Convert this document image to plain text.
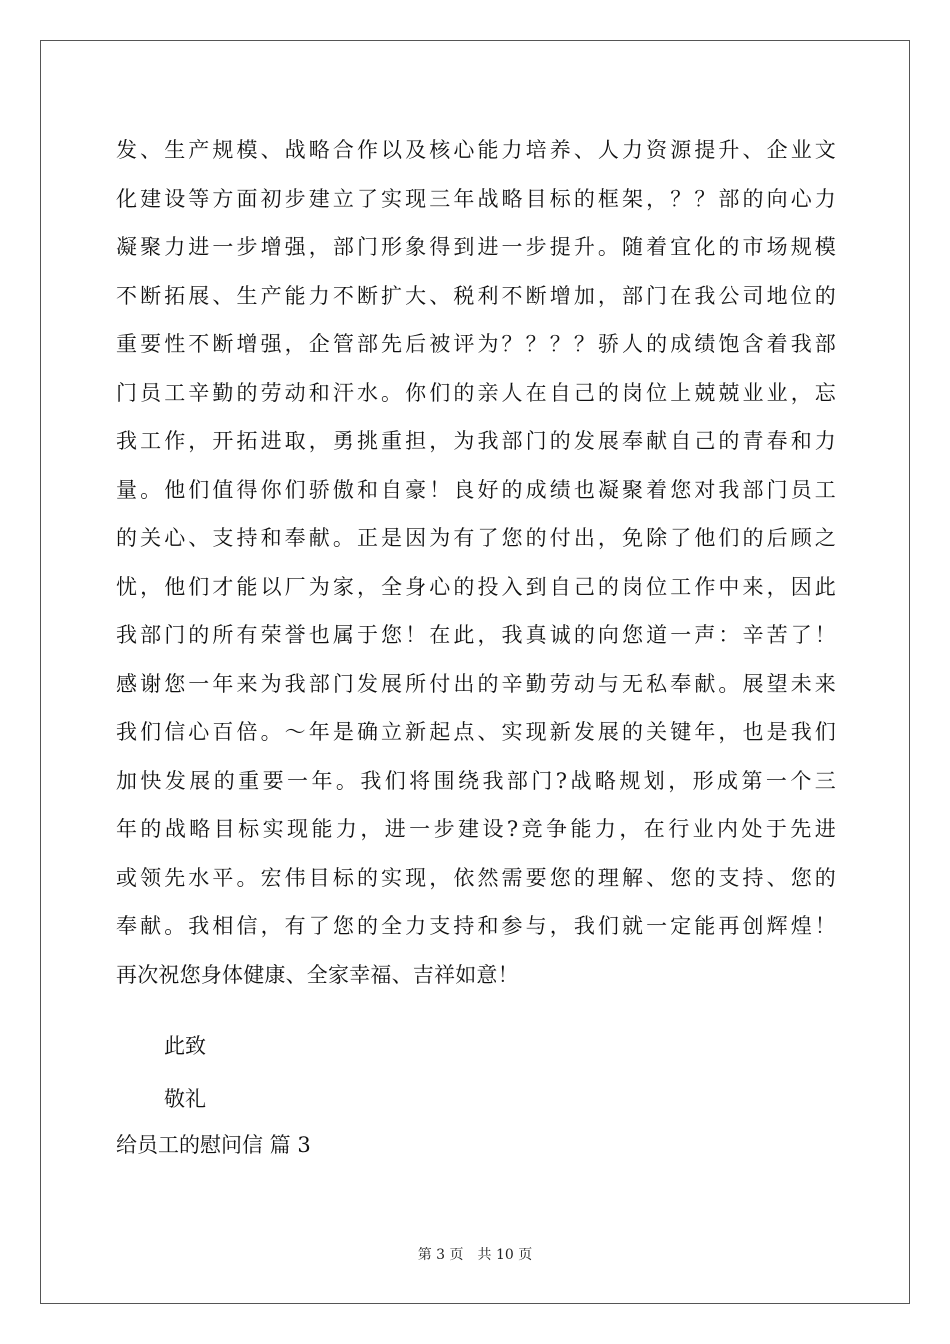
发、生产规模、战略合作以及核心能力培养、人力资源提升、企业文
化建设等方面初步建立了实现三年战略目标的框架，？？部的向心力
凝聚力进一步增强，部门形象得到进一步提升。随着宜化的市场规模
不断拓展、生产能力不断扩大、税利不断增加，部门在我公司地位的
重要性不断增强，企管部先后被评为？？？？骄人的成绩饱含着我部
门员工辛勤的劳动和汗水。你们的亲人在自己的岗位上兢兢业业，忘
我工作，开拓进取，勇挑重担，为我部门的发展奉献自己的青春和力
量。他们值得你们骄傲和自豪！良好的成绩也凝聚着您对我部门员工
的关心、支持和奉献。正是因为有了您的付出，免除了他们的后顾之
忧，他们才能以厂为家，全身心的投入到自己的岗位工作中来，因此
我部门的所有荣誉也属于您！在此，我真诚的向您道一声：辛苦了！
感谢您一年来为我部门发展所付出的辛勤劳动与无私奉献。展望未来
我们信心百倍。～年是确立新起点、实现新发展的关键年，也是我们
加快发展的重要一年。我们将围绕我部门?战略规划，形成第一个三
年的战略目标实现能力，进一步建设?竞争能力，在行业内处于先进
或领先水平。宏伟目标的实现，依然需要您的理解、您的支持、您的
奉献。我相信，有了您的全力支持和参与，我们就一定能再创辉煌！
再次祝您身体健康、全家幸福、吉祥如意！
此致
敬礼
给员工的慰问信 篇 3
第 3 页 共 10 页
